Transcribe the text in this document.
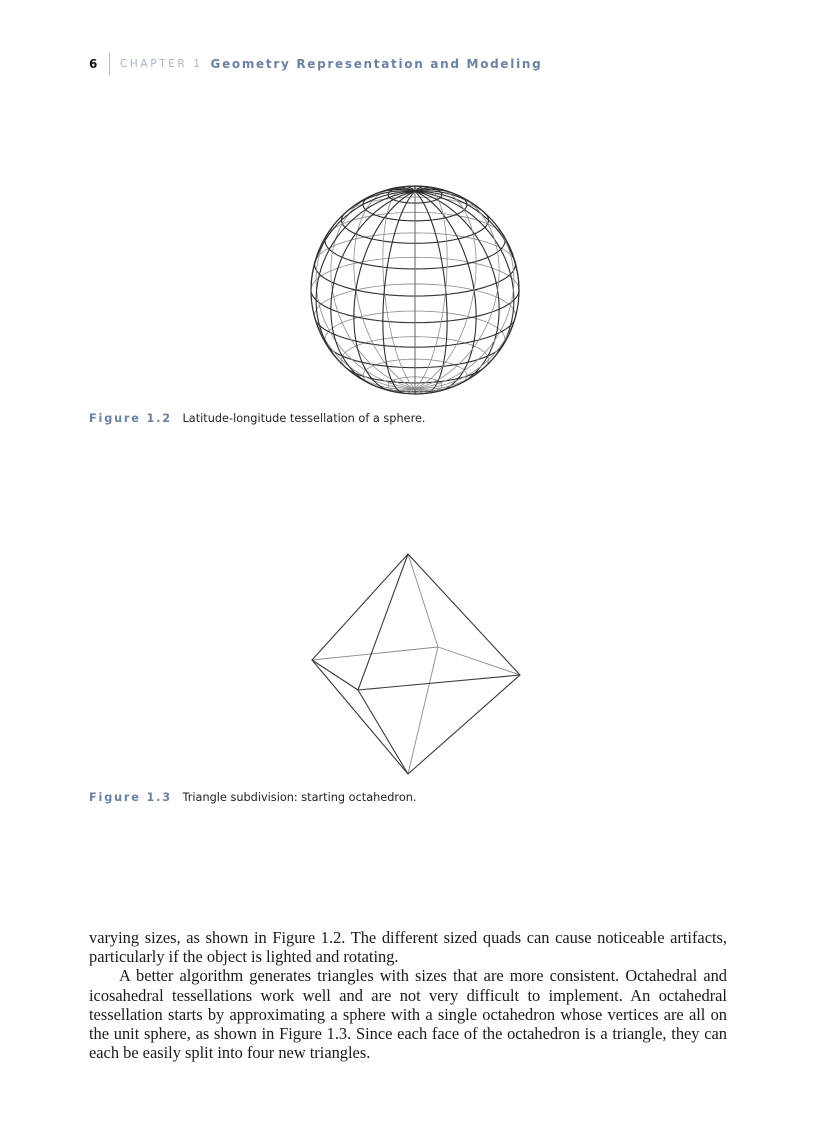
6	CHAPTER 1 Geometry Representation and Modeling
Figure 1.2 Latitude-longitude tessellation of a sphere.
Figure 1.3 Triangle subdivision: starting octahedron.

varying sizes, as shown in Figure 1.2. The different sized quads can cause noticeable artifacts, particularly if the object is lighted and rotating.

A better algorithm generates triangles with sizes that are more consistent. Octahedral and icosahedral tessellations work well and are not very difficult to implement. An octahedral tessellation starts by approximating a sphere with a single octahedron whose vertices are all on the unit sphere, as shown in Figure 1.3. Since each face of the octahedron is a triangle, they can each be easily split into four new triangles.
